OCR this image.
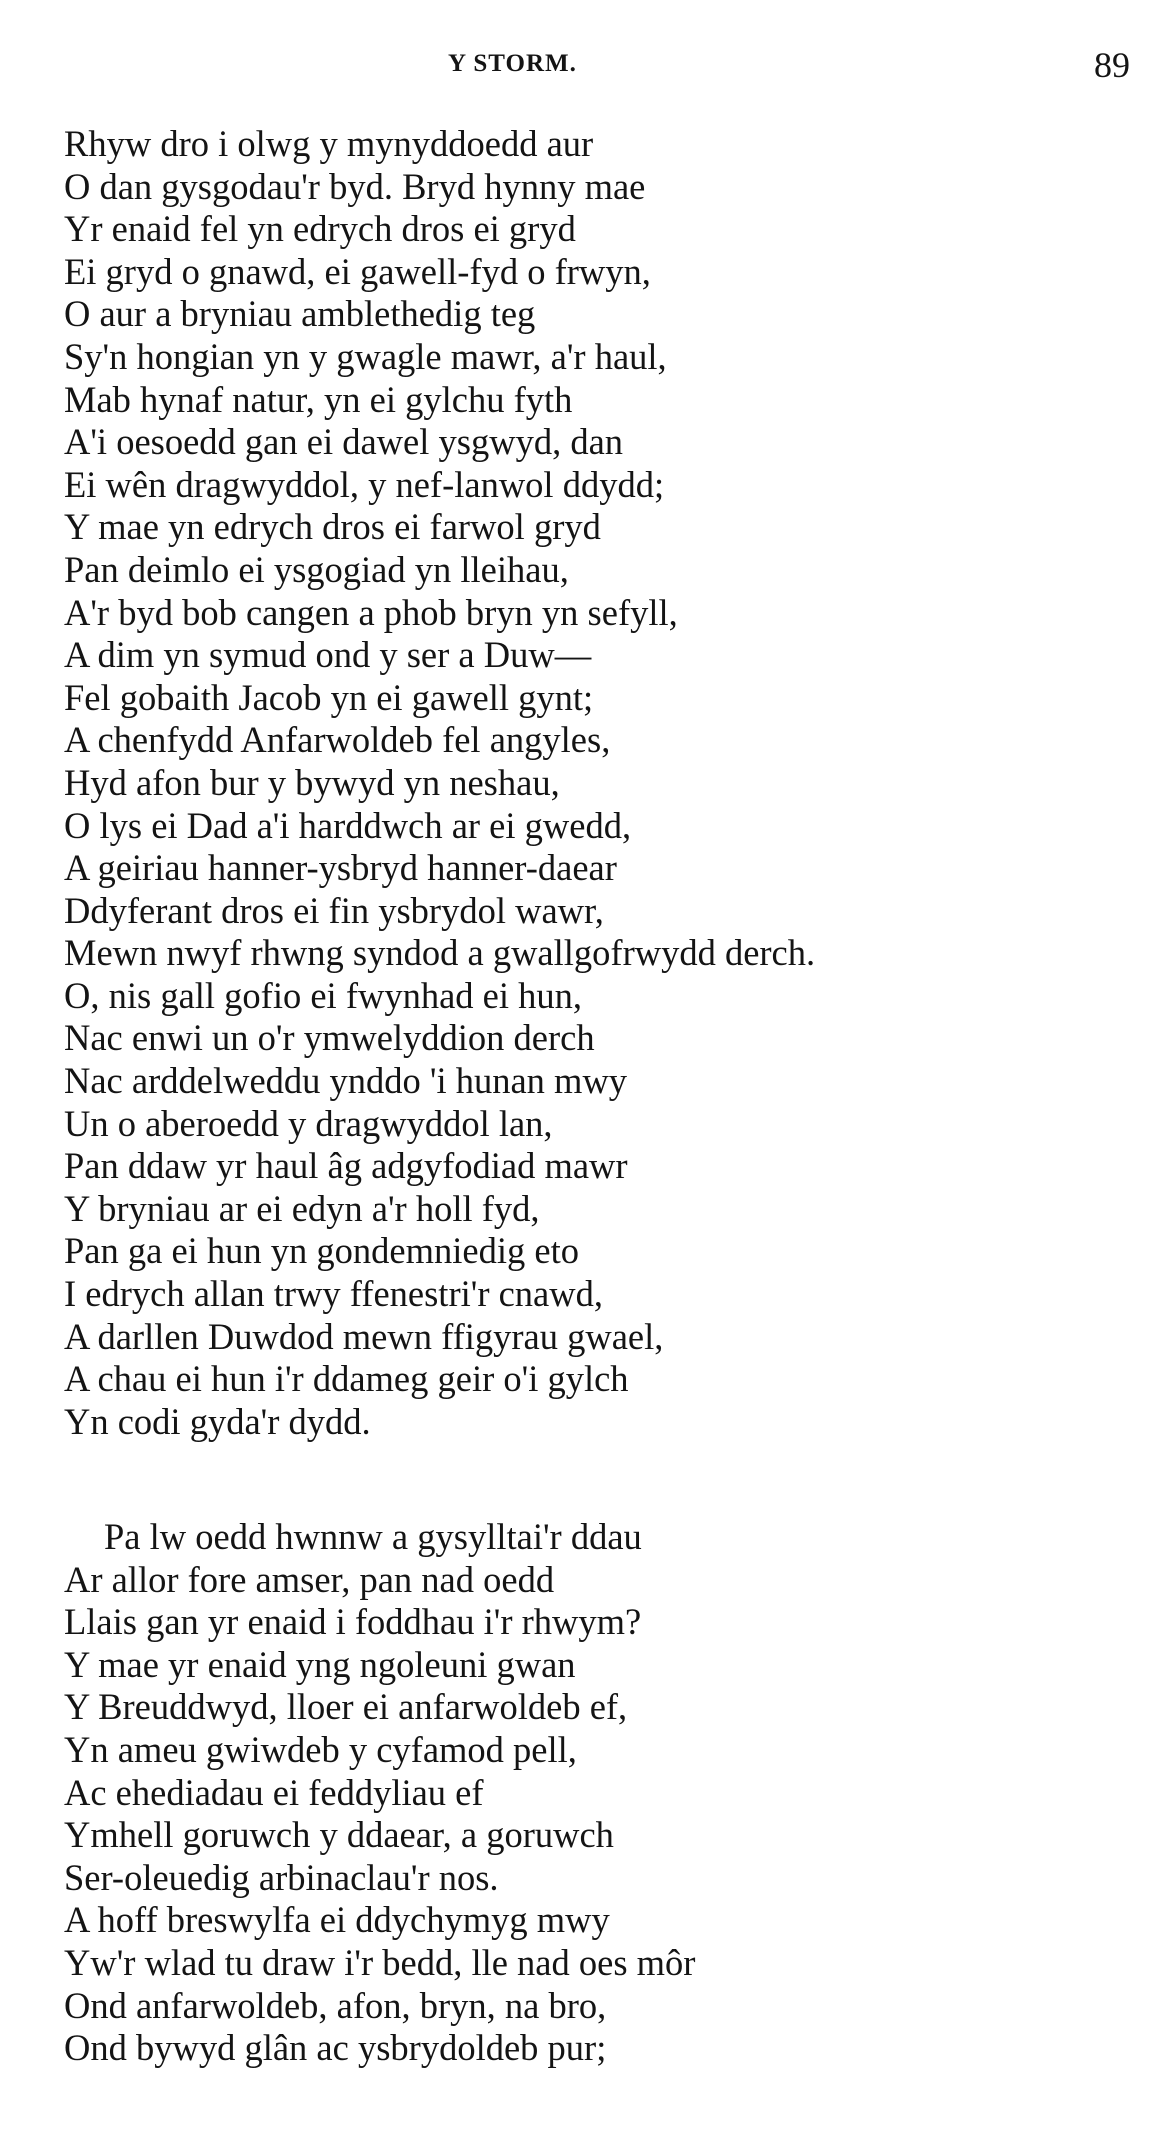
Y STORM.	89
Rhyw dro i olwg y mynyddoedd aur
O dan gysgodau'r byd. Bryd hynny mae
Yr enaid fel yn edrych dros ei gryd
Ei gryd o gnawd, ei gawell-fyd o frwyn,
O aur a bryniau amblethedig teg
Sy'n hongian yn y gwagle mawr, a'r haul,
Mab hynaf natur, yn ei gylchu fyth
A'i oesoedd gan ei dawel ysgwyd, dan
Ei wên dragwyddol, y nef-lanwol ddydd;
Y mae yn edrych dros ei farwol gryd
Pan deimlo ei ysgogiad yn lleihau,
A'r byd bob cangen a phob bryn yn sefyll,
A dim yn symud ond y ser a Duw—
Fel gobaith Jacob yn ei gawell gynt;
A chenfydd Anfarwoldeb fel angyles,
Hyd afon bur y bywyd yn neshau,
O lys ei Dad a'i harddwch ar ei gwedd,
A geiriau hanner-ysbryd hanner-daear
Ddyferant dros ei fin ysbrydol wawr,
Mewn nwyf rhwng syndod a gwallgofrwydd derch.
O, nis gall gofio ei fwynhad ei hun,
Nac enwi un o'r ymwelyddion derch
Nac arddelweddu ynddo 'i hunan mwy
Un o aberoedd y dragwyddol lan,
Pan ddaw yr haul âg adgyfodiad mawr
Y bryniau ar ei edyn a'r holl fyd,
Pan ga ei hun yn gondemniedig eto
I edrych allan trwy ffenestri'r cnawd,
A darllen Duwdod mewn ffigyrau gwael,
A chau ei hun i'r ddameg geir o'i gylch
Yn codi gyda'r dydd.
Pa lw oedd hwnnw a gysylltai'r ddau
Ar allor fore amser, pan nad oedd
Llais gan yr enaid i foddhau i'r rhwym?
Y mae yr enaid yng ngoleuni gwan
Y Breuddwyd, lloer ei anfarwoldeb ef,
Yn ameu gwiwdeb y cyfamod pell,
Ac ehediadau ei feddyliau ef
Ymhell goruwch y ddaear, a goruwch
Ser-oleuedig arbinaclau'r nos.
A hoff breswylfa ei ddychymyg mwy
Yw'r wlad tu draw i'r bedd, lle nad oes môr
Ond anfarwoldeb, afon, bryn, na bro,
Ond bywyd glân ac ysbrydoldeb pur;
